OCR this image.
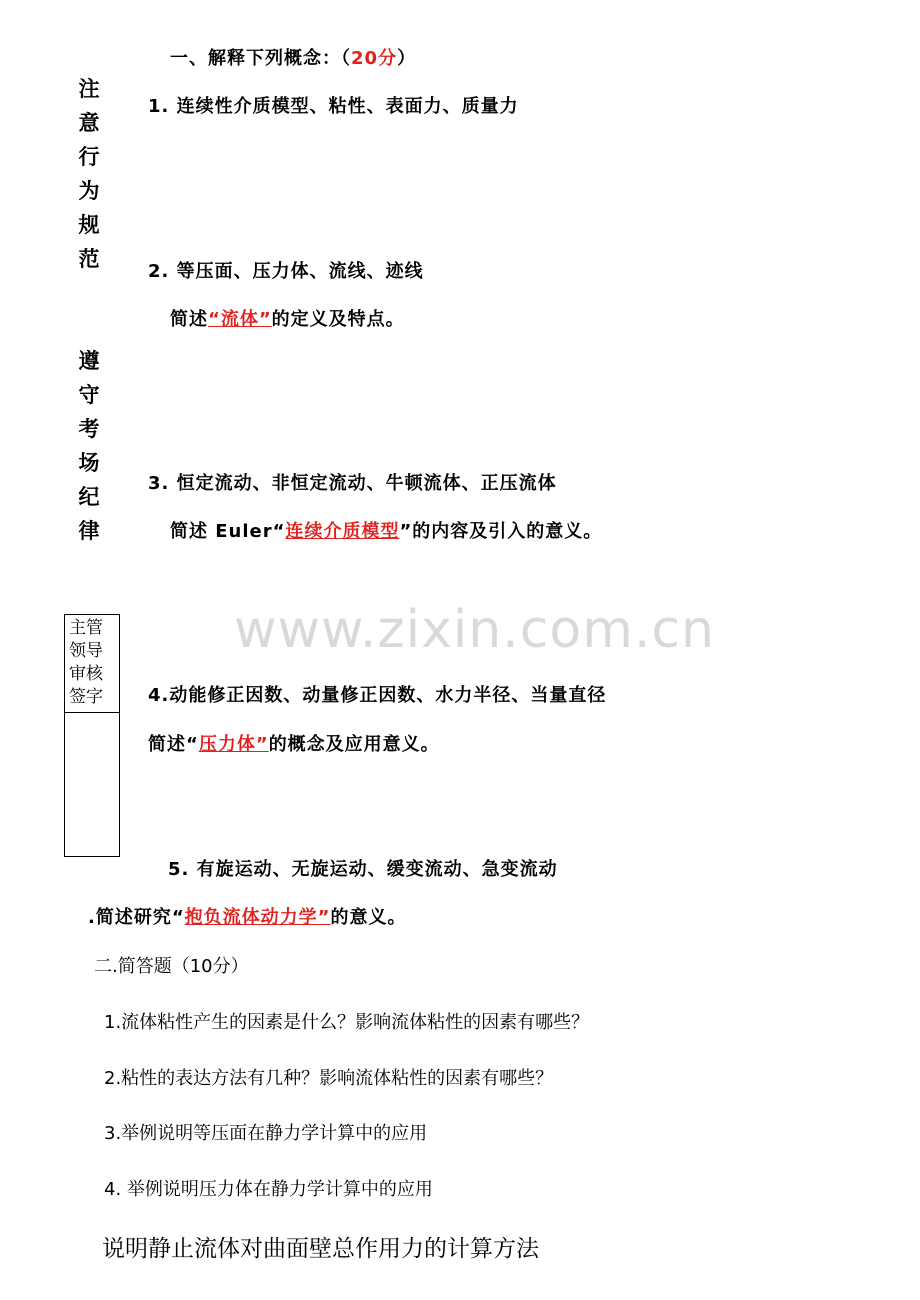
www.zixin.com.cn
一、解释下列概念：（20分）
注
意
行
为
规
范
遵
守
考
场
纪
律
主管
领导
审核
签字
1. 连续性介质模型、粘性、表面力、质量力
2. 等压面、压力体、流线、迹线
简述“流体”的定义及特点。
3. 恒定流动、非恒定流动、牛顿流体、正压流体
简述 Euler“连续介质模型”的内容及引入的意义。
4.动能修正因数、动量修正因数、水力半径、当量直径
简述“压力体”的概念及应用意义。
5. 有旋运动、无旋运动、缓变流动、急变流动
.简述研究“抱负流体动力学”的意义。
二.简答题（10分）
1.流体粘性产生的因素是什么？影响流体粘性的因素有哪些？
2.粘性的表达方法有几种？影响流体粘性的因素有哪些？
3.举例说明等压面在静力学计算中的应用
4. 举例说明压力体在静力学计算中的应用
说明静止流体对曲面壁总作用力的计算方法
